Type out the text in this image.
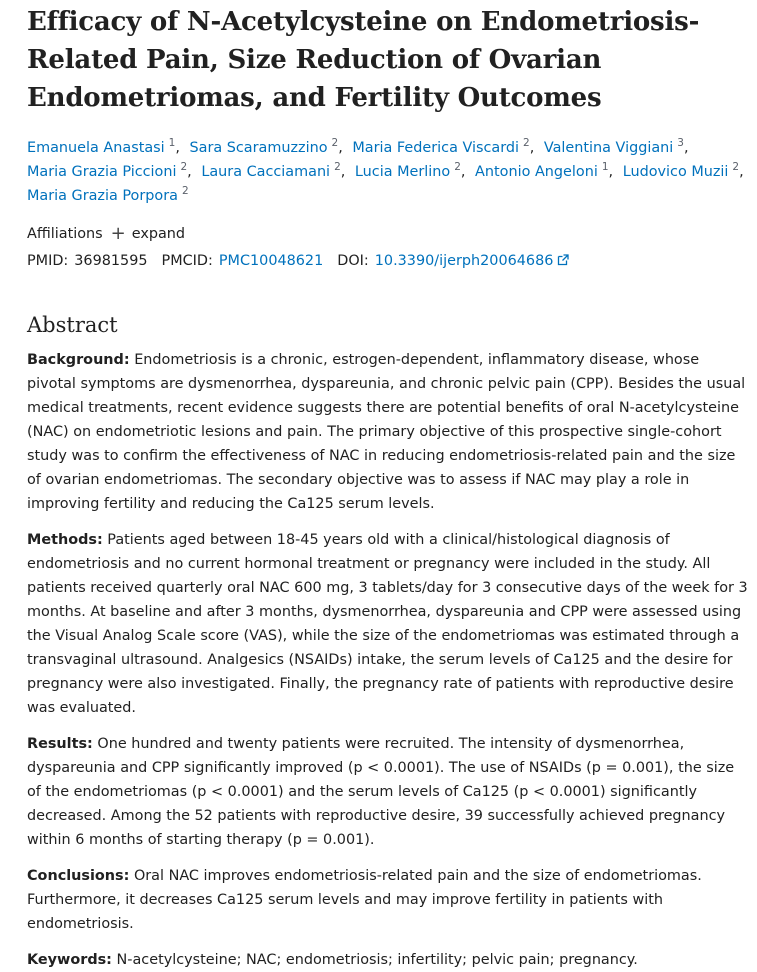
Efficacy of N-Acetylcysteine on Endometriosis-Related Pain, Size Reduction of Ovarian Endometriomas, and Fertility Outcomes
Emanuela Anastasi $^1$, Sara Scaramuzzino $^2$, Maria Federica Viscardi $^2$, Valentina Viggiani $^3$,
Maria Grazia Piccioni $^2$, Laura Cacciamani $^2$, Lucia Merlino $^2$, Antonio Angeloni $^1$, Ludovico Muzii $^2$,
Maria Grazia Porpora $^2$
Affiliations + expand
PMID: 36981595 PMCID: PMC10048621 DOI: 10.3390/ijerph20064686
Abstract

Background: Endometriosis is a chronic, estrogen-dependent, inflammatory disease, whose pivotal symptoms are dysmenorrhea, dyspareunia, and chronic pelvic pain (CPP). Besides the usual medical treatments, recent evidence suggests there are potential benefits of oral N-acetylcysteine (NAC) on endometriotic lesions and pain. The primary objective of this prospective single-cohort study was to confirm the effectiveness of NAC in reducing endometriosis-related pain and the size of ovarian endometriomas. The secondary objective was to assess if NAC may play a role in improving fertility and reducing the Ca125 serum levels.

Methods: Patients aged between 18-45 years old with a clinical/histological diagnosis of endometriosis and no current hormonal treatment or pregnancy were included in the study. All patients received quarterly oral NAC 600 mg, 3 tablets/day for 3 consecutive days of the week for 3 months. At baseline and after 3 months, dysmenorrhea, dyspareunia and CPP were assessed using the Visual Analog Scale score (VAS), while the size of the endometriomas was estimated through a transvaginal ultrasound. Analgesics (NSAIDs) intake, the serum levels of Ca125 and the desire for pregnancy were also investigated. Finally, the pregnancy rate of patients with reproductive desire was evaluated.

Results: One hundred and twenty patients were recruited. The intensity of dysmenorrhea, dyspareunia and CPP significantly improved (p < 0.0001). The use of NSAIDs (p = 0.001), the size of the endometriomas (p < 0.0001) and the serum levels of Ca125 (p < 0.0001) significantly decreased. Among the 52 patients with reproductive desire, 39 successfully achieved pregnancy within 6 months of starting therapy (p = 0.001).

Conclusions: Oral NAC improves endometriosis-related pain and the size of endometriomas. Furthermore, it decreases Ca125 serum levels and may improve fertility in patients with endometriosis.

Keywords: N-acetylcysteine; NAC; endometriosis; infertility; pelvic pain; pregnancy.
